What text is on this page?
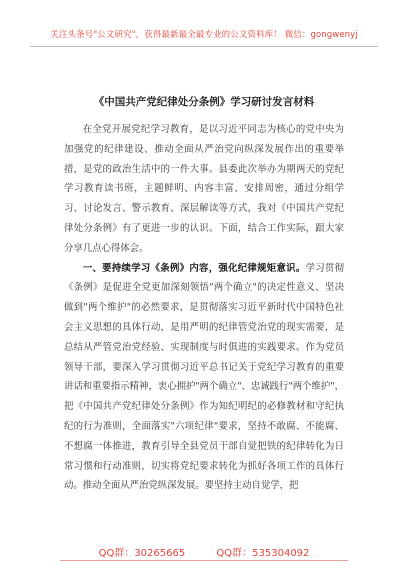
关注头条号"公文研究"，获得最新最全最专业的公文资料库！ 微信：gongwenyj
《中国共产党纪律处分条例》学习研讨发言材料

在全党开展党纪学习教育，是以习近平同志为核心的党中央为加强党的纪律建设、推动全面从严治党向纵深发展作出的重要举措，是党的政治生活中的一件大事。县委此次举办为期两天的党纪学习教育读书班，主题鲜明、内容丰富、安排周密，通过分组学习、讨论发言、警示教育、深层解读等方式，我对《中国共产党纪律处分条例》有了更进一步的认识。下面，结合工作实际，跟大家分享几点心得体会。

一、要持续学习《条例》内容，强化纪律规矩意识。学习贯彻《条例》是促进全党更加深刻领悟"两个确立"的决定性意义、坚决做到"两个维护"的必然要求，是贯彻落实习近平新时代中国特色社会主义思想的具体行动，是用严明的纪律管党治党的现实需要，是总结从严管党治党经验、实现制度与时俱进的实践要求。作为党员领导干部，要深入学习贯彻习近平总书记关于党纪学习教育的重要讲话和重要指示精神，衷心拥护"两个确立"、忠诚践行"两个维护"，把《中国共产党纪律处分条例》作为知纪明纪的必修教材和守纪执纪的行为准则，全面落实"六项纪律"要求，坚持不敢腐、不能腐、不想腐一体推进，教育引导全县党员干部自觉把铁的纪律转化为日常习惯和行动准则，切实将党纪要求转化为抓好各项工作的具体行动。推动全面从严治党纵深发展。要坚持主动自觉学，把

QQ群：30265665	QQ群：535304092
